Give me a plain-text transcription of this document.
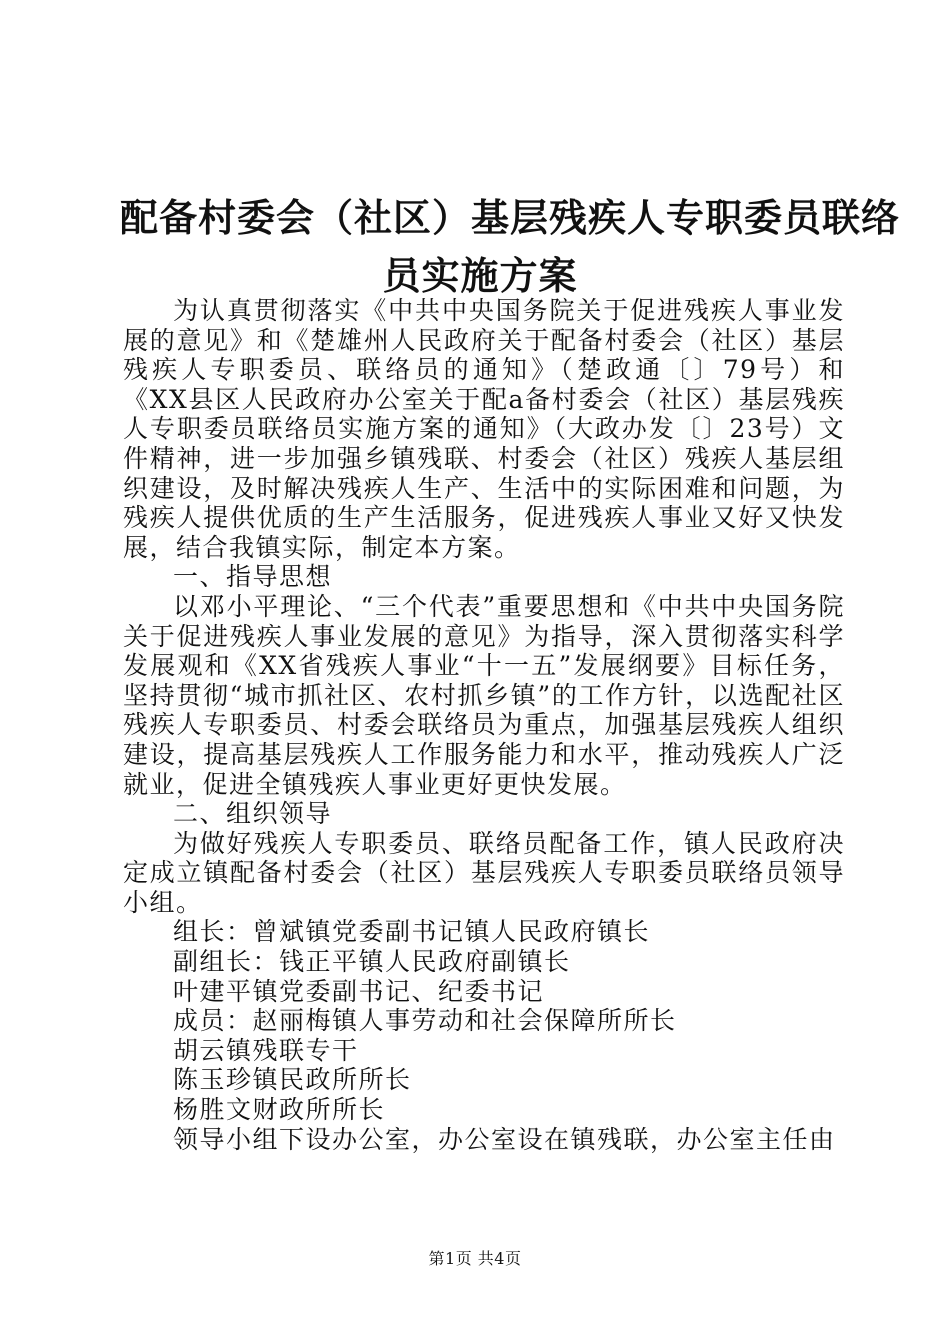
配备村委会（社区）基层残疾人专职委员联络
员实施方案

为认真贯彻落实《中共中央国务院关于促进残疾人事业发展的意见》和《楚雄州人民政府关于配备村委会（社区）基层残疾人专职委员、联络员的通知》（楚政通〔〕79号）和《XX县区人民政府办公室关于配a备村委会（社区）基层残疾人专职委员联络员实施方案的通知》（大政办发〔〕23号）文件精神，进一步加强乡镇残联、村委会（社区）残疾人基层组织建设，及时解决残疾人生产、生活中的实际困难和问题，为残疾人提供优质的生产生活服务，促进残疾人事业又好又快发展，结合我镇实际，制定本方案。

一、指导思想

以邓小平理论、“三个代表”重要思想和《中共中央国务院关于促进残疾人事业发展的意见》为指导，深入贯彻落实科学发展观和《XX省残疾人事业“十一五”发展纲要》目标任务，坚持贯彻“城市抓社区、农村抓乡镇”的工作方针，以选配社区残疾人专职委员、村委会联络员为重点，加强基层残疾人组织建设，提高基层残疾人工作服务能力和水平，推动残疾人广泛就业，促进全镇残疾人事业更好更快发展。

二、组织领导

为做好残疾人专职委员、联络员配备工作，镇人民政府决定成立镇配备村委会（社区）基层残疾人专职委员联络员领导小组。

组长：曾斌镇党委副书记镇人民政府镇长

副组长：钱正平镇人民政府副镇长

叶建平镇党委副书记、纪委书记

成员：赵丽梅镇人事劳动和社会保障所所长

胡云镇残联专干

陈玉珍镇民政所所长

杨胜文财政所所长

领导小组下设办公室，办公室设在镇残联，办公室主任由

第1页 共4页
